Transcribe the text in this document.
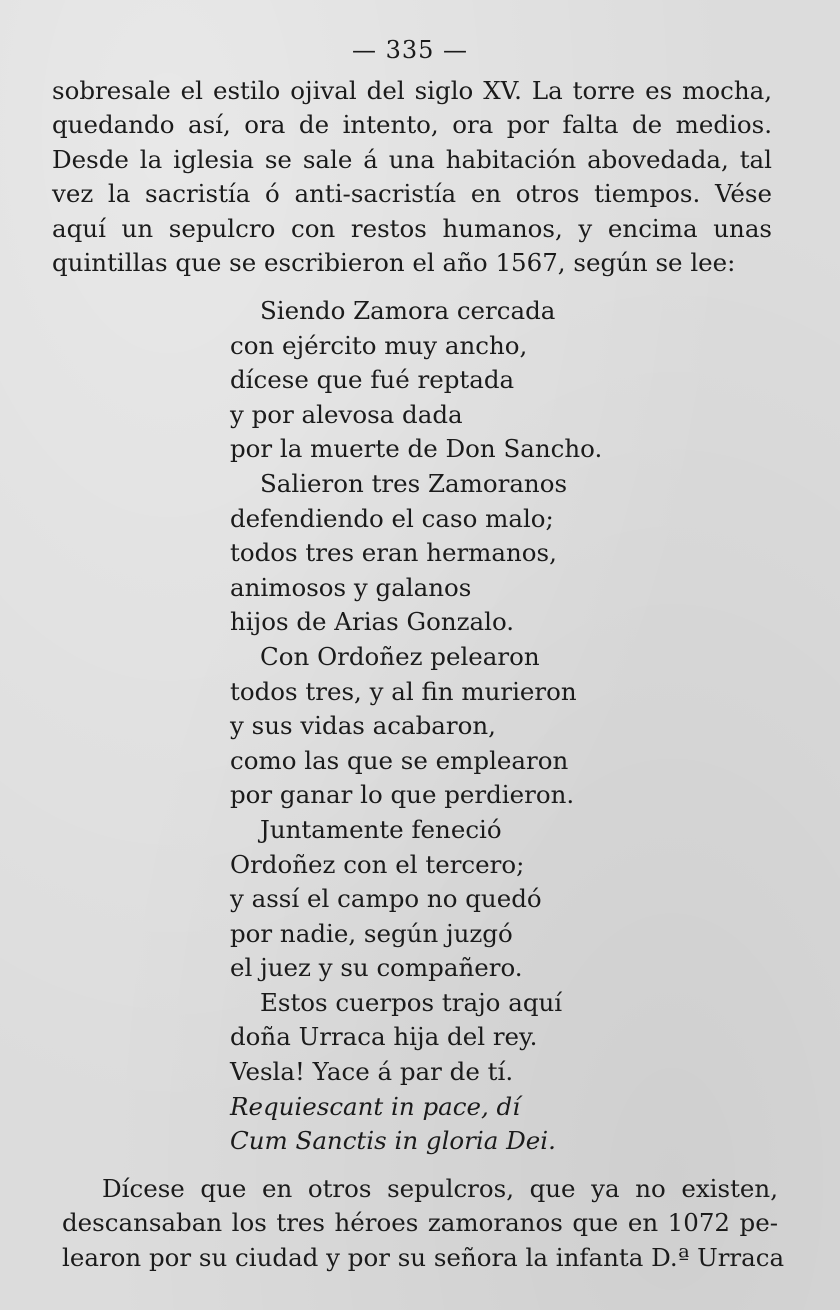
— 335 —
sobresale el estilo ojival del siglo XV. La torre es mocha,
quedando así, ora de intento, ora por falta de medios.
Desde la iglesia se sale á una habitación abovedada, tal
vez la sacristía ó anti-sacristía en otros tiempos. Vése
aquí un sepulcro con restos humanos, y encima unas
quintillas que se escribieron el año 1567, según se lee:
Siendo Zamora cercada
con ejército muy ancho,
dícese que fué reptada
y por alevosa dada
por la muerte de Don Sancho.
Salieron tres Zamoranos
defendiendo el caso malo;
todos tres eran hermanos,
animosos y galanos
hijos de Arias Gonzalo.
Con Ordoñez pelearon
todos tres, y al fin murieron
y sus vidas acabaron,
como las que se emplearon
por ganar lo que perdieron.
Juntamente feneció
Ordoñez con el tercero;
y assí el campo no quedó
por nadie, según juzgó
el juez y su compañero.
Estos cuerpos trajo aquí
doña Urraca hija del rey.
Vesla! Yace á par de tí.
Requiescant in pace, dí
Cum Sanctis in gloria Dei.
Dícese que en otros sepulcros, que ya no existen,
descansaban los tres héroes zamoranos que en 1072 pe-
learon por su ciudad y por su señora la infanta D.ª Urraca
